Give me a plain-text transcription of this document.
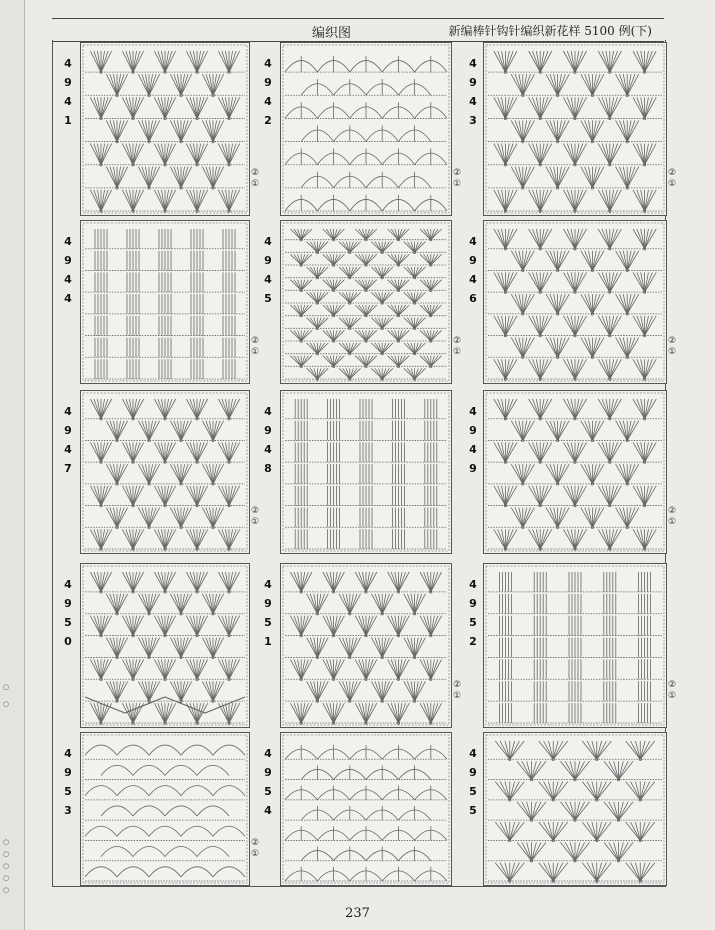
○
○
○
○
○
○
○
编织图	新编棒针钩针编织新花样 5100 例(下)
4
9
4
1
②
①
4
9
4
2
②
①
4
9
4
3
②
①
4
9
4
4
②
①
4
9
4
5
②
①
4
9
4
6
②
①
4
9
4
7
②
①
4
9
4
8
4
9
4
9
②
①
4
9
5
0
4
9
5
1
②
①
4
9
5
2
②
①
4
9
5
3
②
①
4
9
5
4
4
9
5
5
237
